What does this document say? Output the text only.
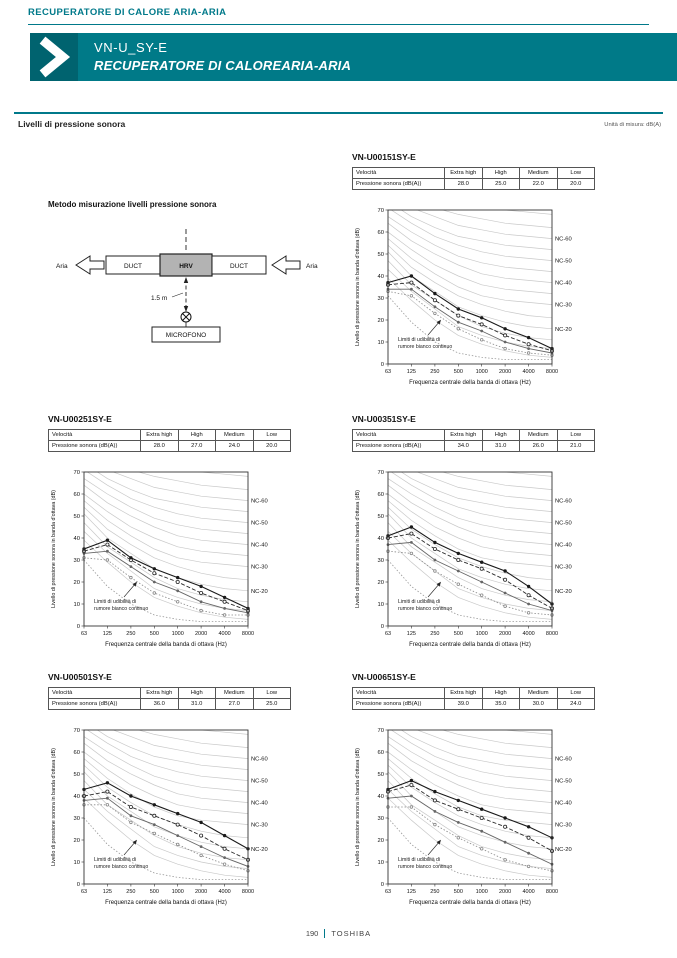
RECUPERATORE DI CALORE ARIA-ARIA
VN-U_SY-E
RECUPERATORE DI CALOREARIA-ARIA
Livelli di pressione sonora	Unità di misura: dB(A)
Metodo misurazione livelli pressione sonora
Aria	DUCT	HRV	DUCT	Aria
1.5 m
MICROFONO
VN-U00151SY-E
Velocità	Extra high	High	Medium	Low
Pressione sonora (dB(A))	28.0	25.0	22.0	20.0
Limiti di udibilità di
rumore bianco continuo
0
10
20
30
40
50
60
70
63	125	250	500 1000 2000 4000 8000
Frequenza centrale della banda di ottava (Hz)
Livello di pressione sonora in banda d'ottava (dB)	NC-60
NC-50
NC-40
NC-30
NC-20
VN-U00251SY-E
Velocità	Extra high	High	Medium	Low
Pressione sonora (dB(A))	28.0	27.0	24.0	20.0
Limiti di udibilità di
rumore bianco continuo
0
10
20
30
40
50
60
70
63	125	250	500 1000 2000 4000 8000
Frequenza centrale della banda di ottava (Hz)
Livello di pressione sonora in banda d'ottava (dB)	NC-60
NC-50
NC-40
NC-30
NC-20
VN-U00351SY-E
Velocità	Extra high	High	Medium	Low
Pressione sonora (dB(A))	34.0	31.0	26.0	21.0
Limiti di udibilità di
rumore bianco continuo
0
10
20
30
40
50
60
70
63	125	250	500 1000 2000 4000 8000
Frequenza centrale della banda di ottava (Hz)
Livello di pressione sonora in banda d'ottava (dB)	NC-60
NC-50
NC-40
NC-30
NC-20
VN-U00501SY-E
Velocità	Extra high	High	Medium	Low
Pressione sonora (dB(A))	36.0	31.0	27.0	25.0
Limiti di udibilità di
rumore bianco continuo
0
10
20
30
40
50
60
70
63	125	250	500 1000 2000 4000 8000
Frequenza centrale della banda di ottava (Hz)
Livello di pressione sonora in banda d'ottava (dB)	NC-60
NC-50
NC-40
NC-30
NC-20
VN-U00651SY-E
Velocità	Extra high	High	Medium	Low
Pressione sonora (dB(A))	39.0	35.0	30.0	24.0
Limiti di udibilità di
rumore bianco continuo
0
10
20
30
40
50
60
70
63	125	250	500 1000 2000 4000 8000
Frequenza centrale della banda di ottava (Hz)
Livello di pressione sonora in banda d'ottava (dB)	NC-60
NC-50
NC-40
NC-30
NC-20
190 TOSHIBA
